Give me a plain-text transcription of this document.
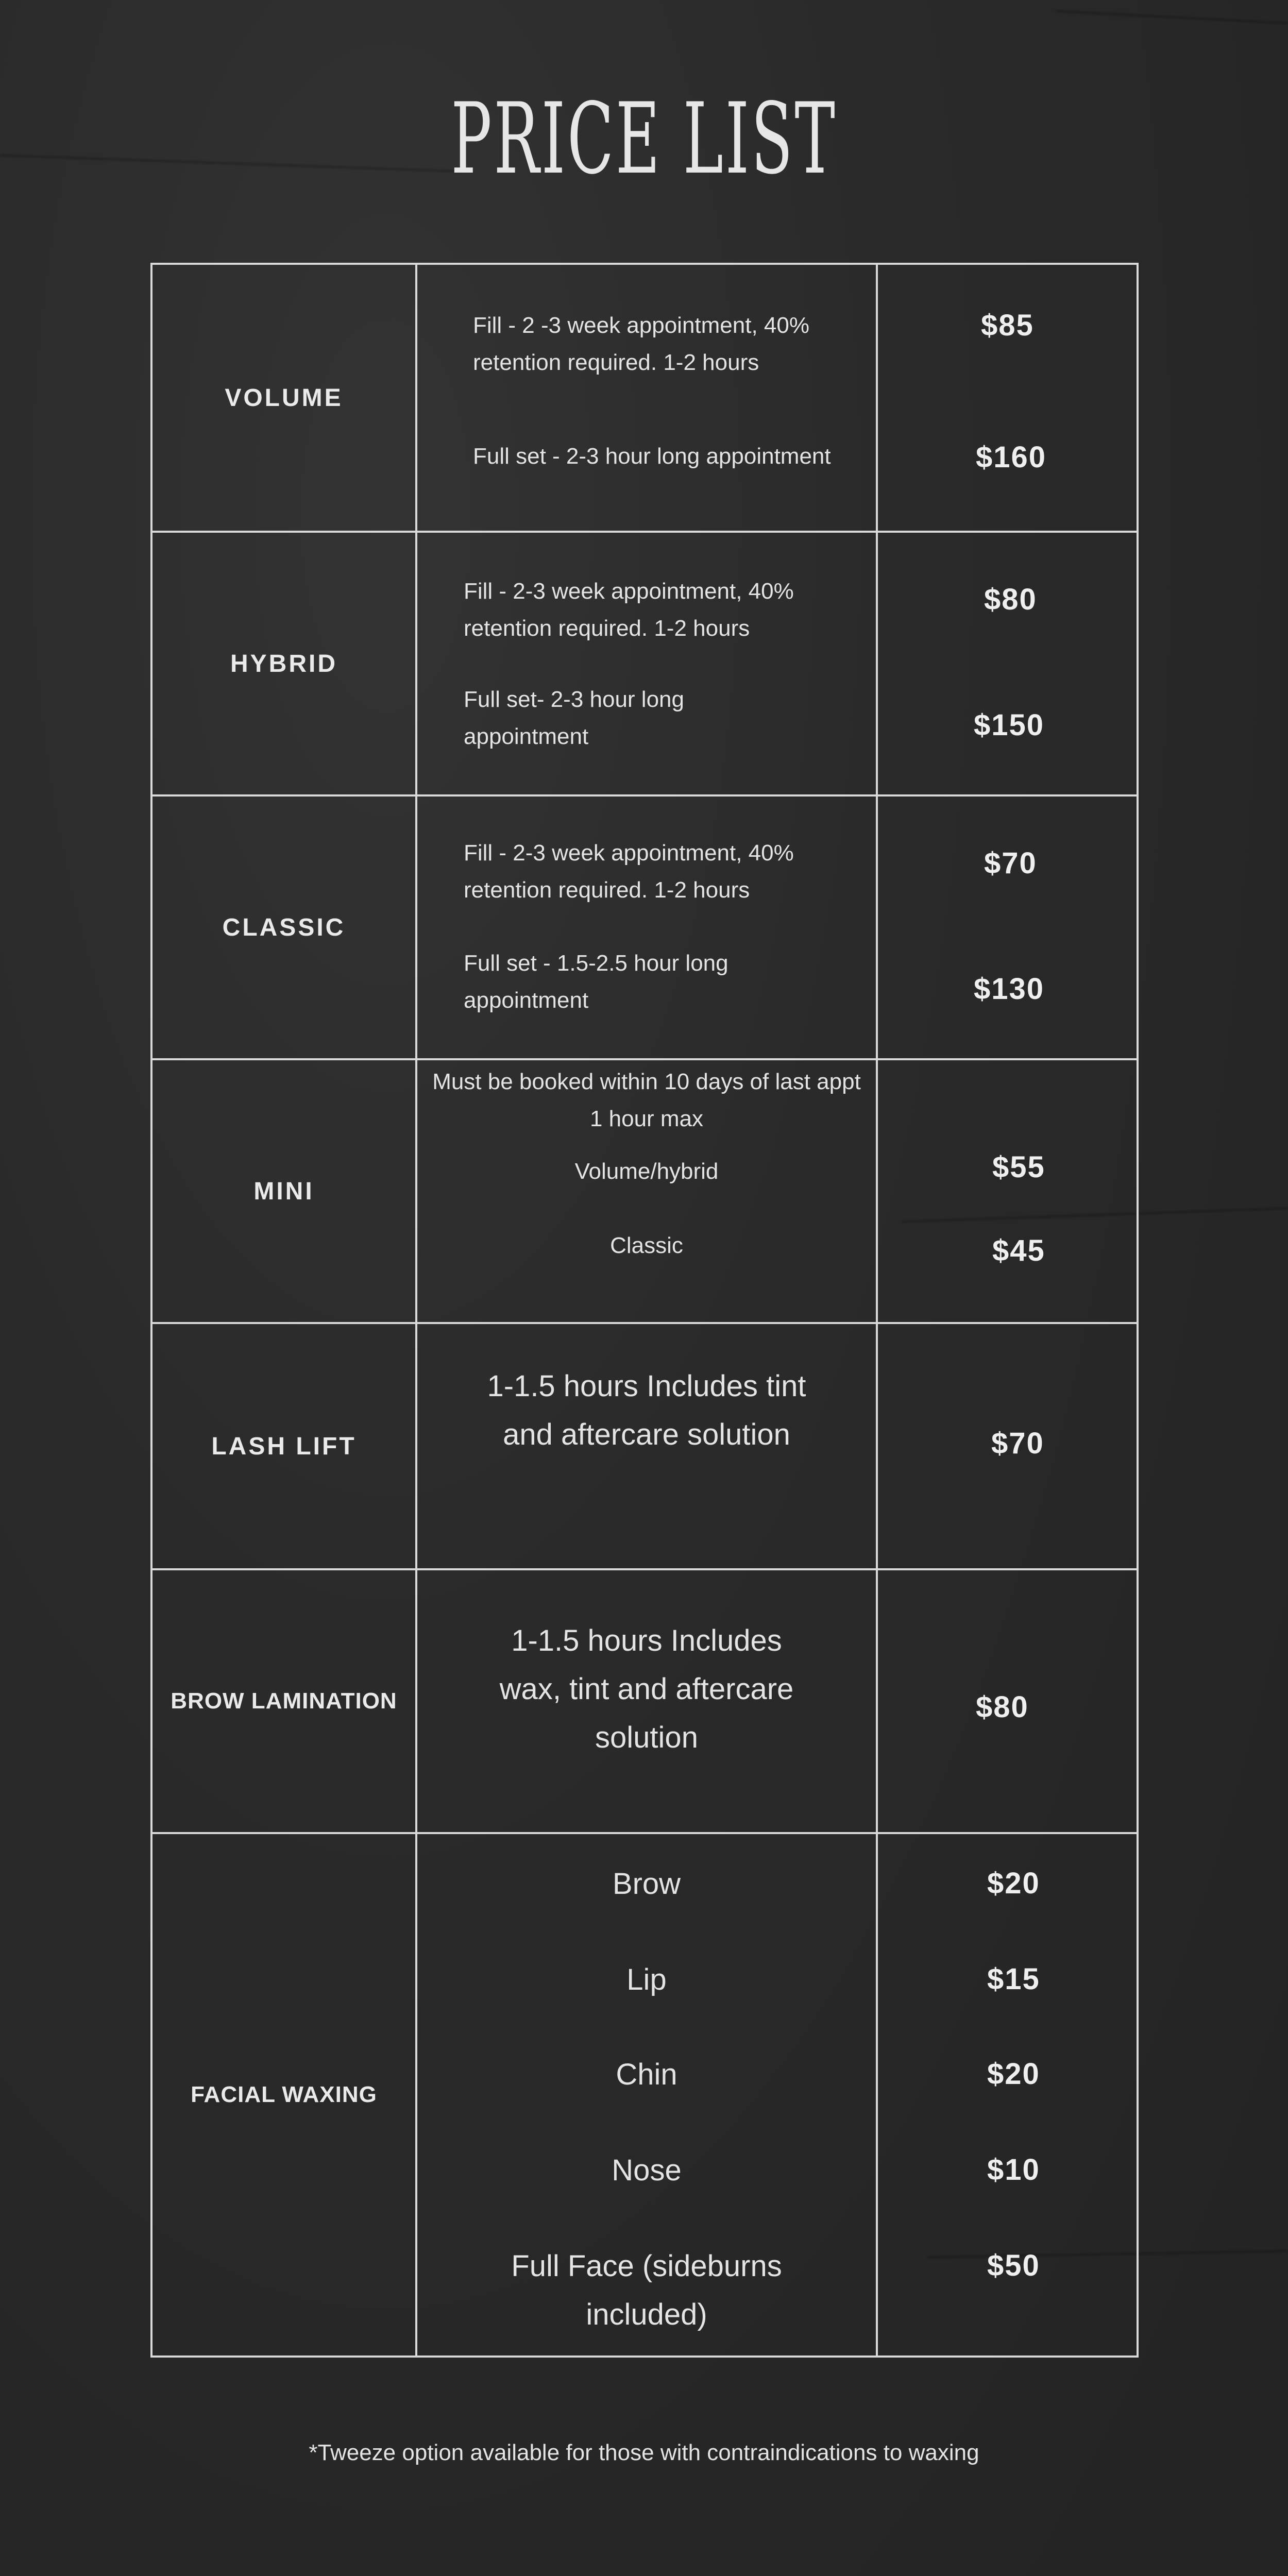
PRICE LIST
VOLUME
Fill - 2 -3 week appointment, 40% retention required. 1-2 hours
Full set - 2-3 hour long appointment
$85
$160
HYBRID
Fill - 2-3 week appointment, 40% retention required. 1-2 hours
Full set- 2-3 hour long appointment
$80
$150
CLASSIC
Fill - 2-3 week appointment, 40% retention required. 1-2 hours
Full set - 1.5-2.5 hour long appointment
$70
$130
MINI
Must be booked within 10 days of last appt
1 hour max
Volume/hybrid
Classic
$55
$45
LASH LIFT
1-1.5 hours Includes tint and aftercare solution	$70
BROW LAMINATION
1-1.5 hours Includes wax, tint and aftercare solution
$80
FACIAL WAXING
Brow
Lip
Chin
Nose
Full Face (sideburns included)
$20
$15
$20
$10
$50
*Tweeze option available for those with contraindications to waxing
